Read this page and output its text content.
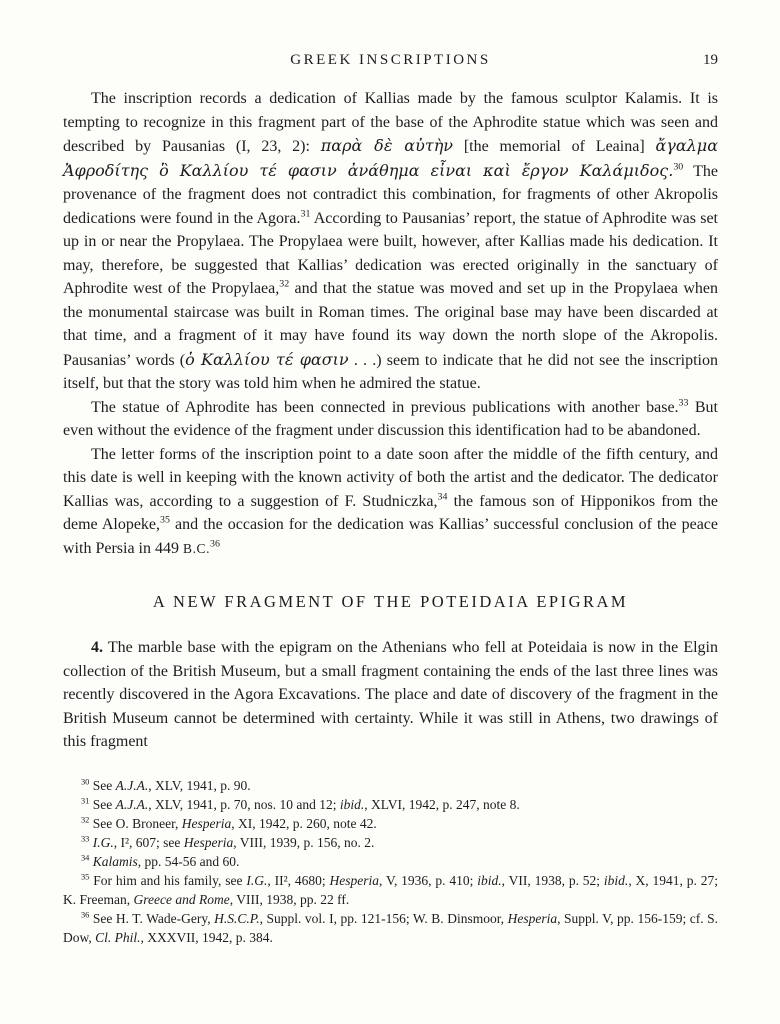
GREEK INSCRIPTIONS	19

The inscription records a dedication of Kallias made by the famous sculptor Kalamis. It is tempting to recognize in this fragment part of the base of the Aphrodite statue which was seen and described by Pausanias (I, 23, 2): παρὰ δὲ αὐτὴν [the memorial of Leaina] ἄγαλμα Ἀφροδίτης ὃ Καλλίου τέ φασιν ἀνάθημα εἶναι καὶ ἔργον Καλάμιδος.$^{30}$ The provenance of the fragment does not contradict this combination, for fragments of other Akropolis dedications were found in the Agora.$^{31}$ According to Pausanias’ report, the statue of Aphrodite was set up in or near the Propylaea. The Propylaea were built, however, after Kallias made his dedication. It may, therefore, be suggested that Kallias’ dedication was erected originally in the sanctuary of Aphrodite west of the Propylaea,$^{32}$ and that the statue was moved and set up in the Propylaea when the monumental staircase was built in Roman times. The original base may have been discarded at that time, and a fragment of it may have found its way down the north slope of the Akropolis. Pausanias’ words (ὁ Καλλίου τέ φασιν . . .) seem to indicate that he did not see the inscription itself, but that the story was told him when he admired the statue.

The statue of Aphrodite has been connected in previous publications with another base.$^{33}$ But even without the evidence of the fragment under discussion this identification had to be abandoned.

The letter forms of the inscription point to a date soon after the middle of the fifth century, and this date is well in keeping with the known activity of both the artist and the dedicator. The dedicator Kallias was, according to a suggestion of F. Studniczka,$^{34}$ the famous son of Hipponikos from the deme Alopeke,$^{35}$ and the occasion for the dedication was Kallias’ successful conclusion of the peace with Persia in 449 B.C.$^{36}$

A NEW FRAGMENT OF THE POTEIDAIA EPIGRAM

4. The marble base with the epigram on the Athenians who fell at Poteidaia is now in the Elgin collection of the British Museum, but a small fragment containing the ends of the last three lines was recently discovered in the Agora Excavations. The place and date of discovery of the fragment in the British Museum cannot be determined with certainty. While it was still in Athens, two drawings of this fragment

$^{30}$ See A.J.A., XLV, 1941, p. 90.

$^{31}$ See A.J.A., XLV, 1941, p. 70, nos. 10 and 12; ibid., XLVI, 1942, p. 247, note 8.

$^{32}$ See O. Broneer, Hesperia, XI, 1942, p. 260, note 42.

$^{33}$ I.G., I², 607; see Hesperia, VIII, 1939, p. 156, no. 2.

$^{34}$ Kalamis, pp. 54-56 and 60.

$^{35}$ For him and his family, see I.G., II², 4680; Hesperia, V, 1936, p. 410; ibid., VII, 1938, p. 52; ibid., X, 1941, p. 27; K. Freeman, Greece and Rome, VIII, 1938, pp. 22 ff.

$^{36}$ See H. T. Wade-Gery, H.S.C.P., Suppl. vol. I, pp. 121-156; W. B. Dinsmoor, Hesperia, Suppl. V, pp. 156-159; cf. S. Dow, Cl. Phil., XXXVII, 1942, p. 384.
